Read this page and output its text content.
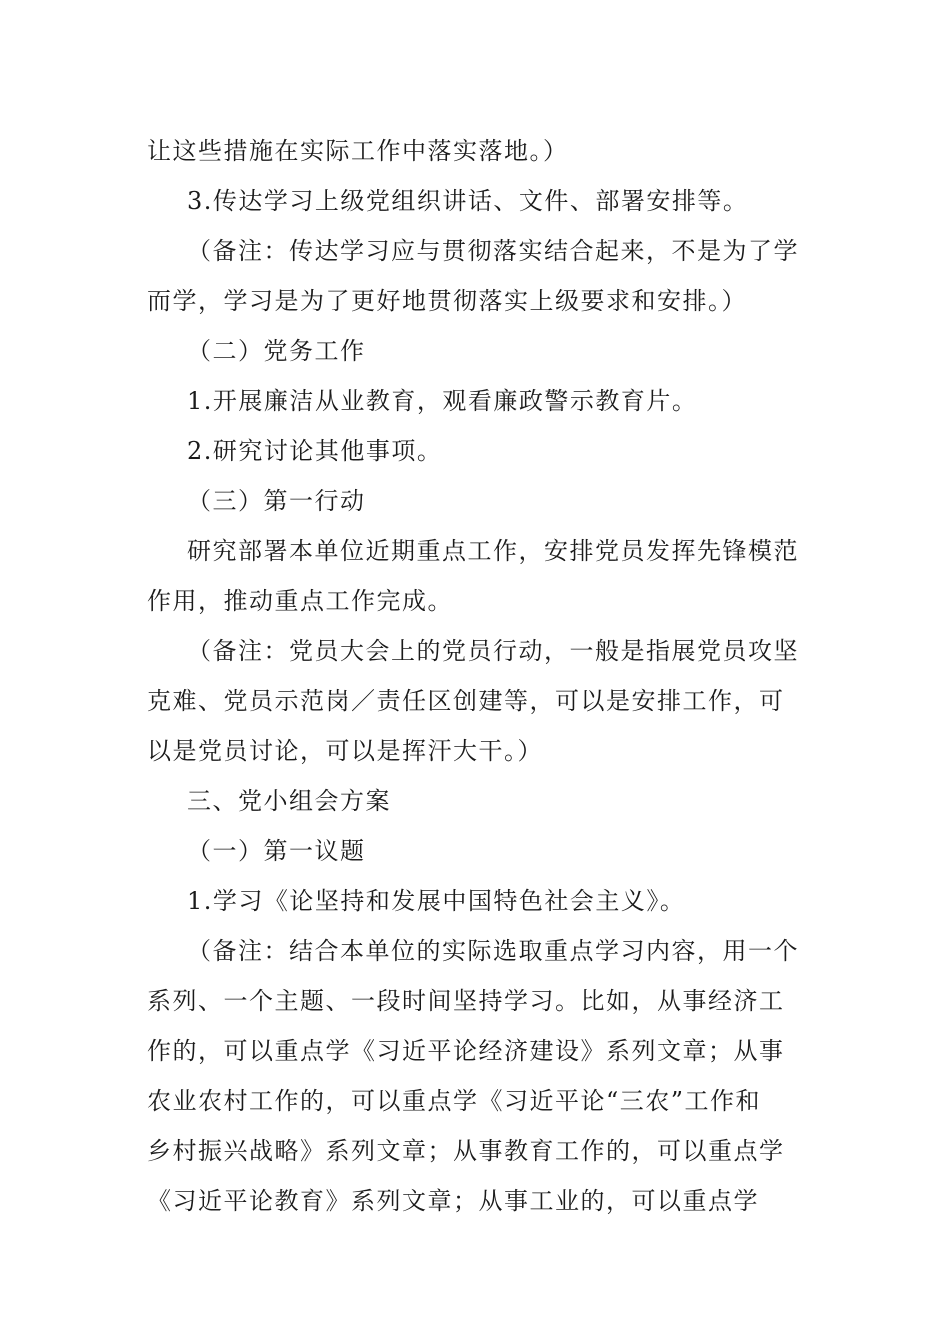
让这些措施在实际工作中落实落地。）
3.传达学习上级党组织讲话、文件、部署安排等。
（备注：传达学习应与贯彻落实结合起来，不是为了学
而学，学习是为了更好地贯彻落实上级要求和安排。）
（二）党务工作
1.开展廉洁从业教育，观看廉政警示教育片。
2.研究讨论其他事项。
（三）第一行动
研究部署本单位近期重点工作，安排党员发挥先锋模范
作用，推动重点工作完成。
（备注：党员大会上的党员行动，一般是指展党员攻坚
克难、党员示范岗／责任区创建等，可以是安排工作，可
以是党员讨论，可以是挥汗大干。）
三、党小组会方案
（一）第一议题
1.学习《论坚持和发展中国特色社会主义》。
（备注：结合本单位的实际选取重点学习内容，用一个
系列、一个主题、一段时间坚持学习。比如，从事经济工
作的，可以重点学《习近平论经济建设》系列文章；从事
农业农村工作的，可以重点学《习近平论“三农”工作和
乡村振兴战略》系列文章；从事教育工作的，可以重点学
《习近平论教育》系列文章；从事工业的，可以重点学
